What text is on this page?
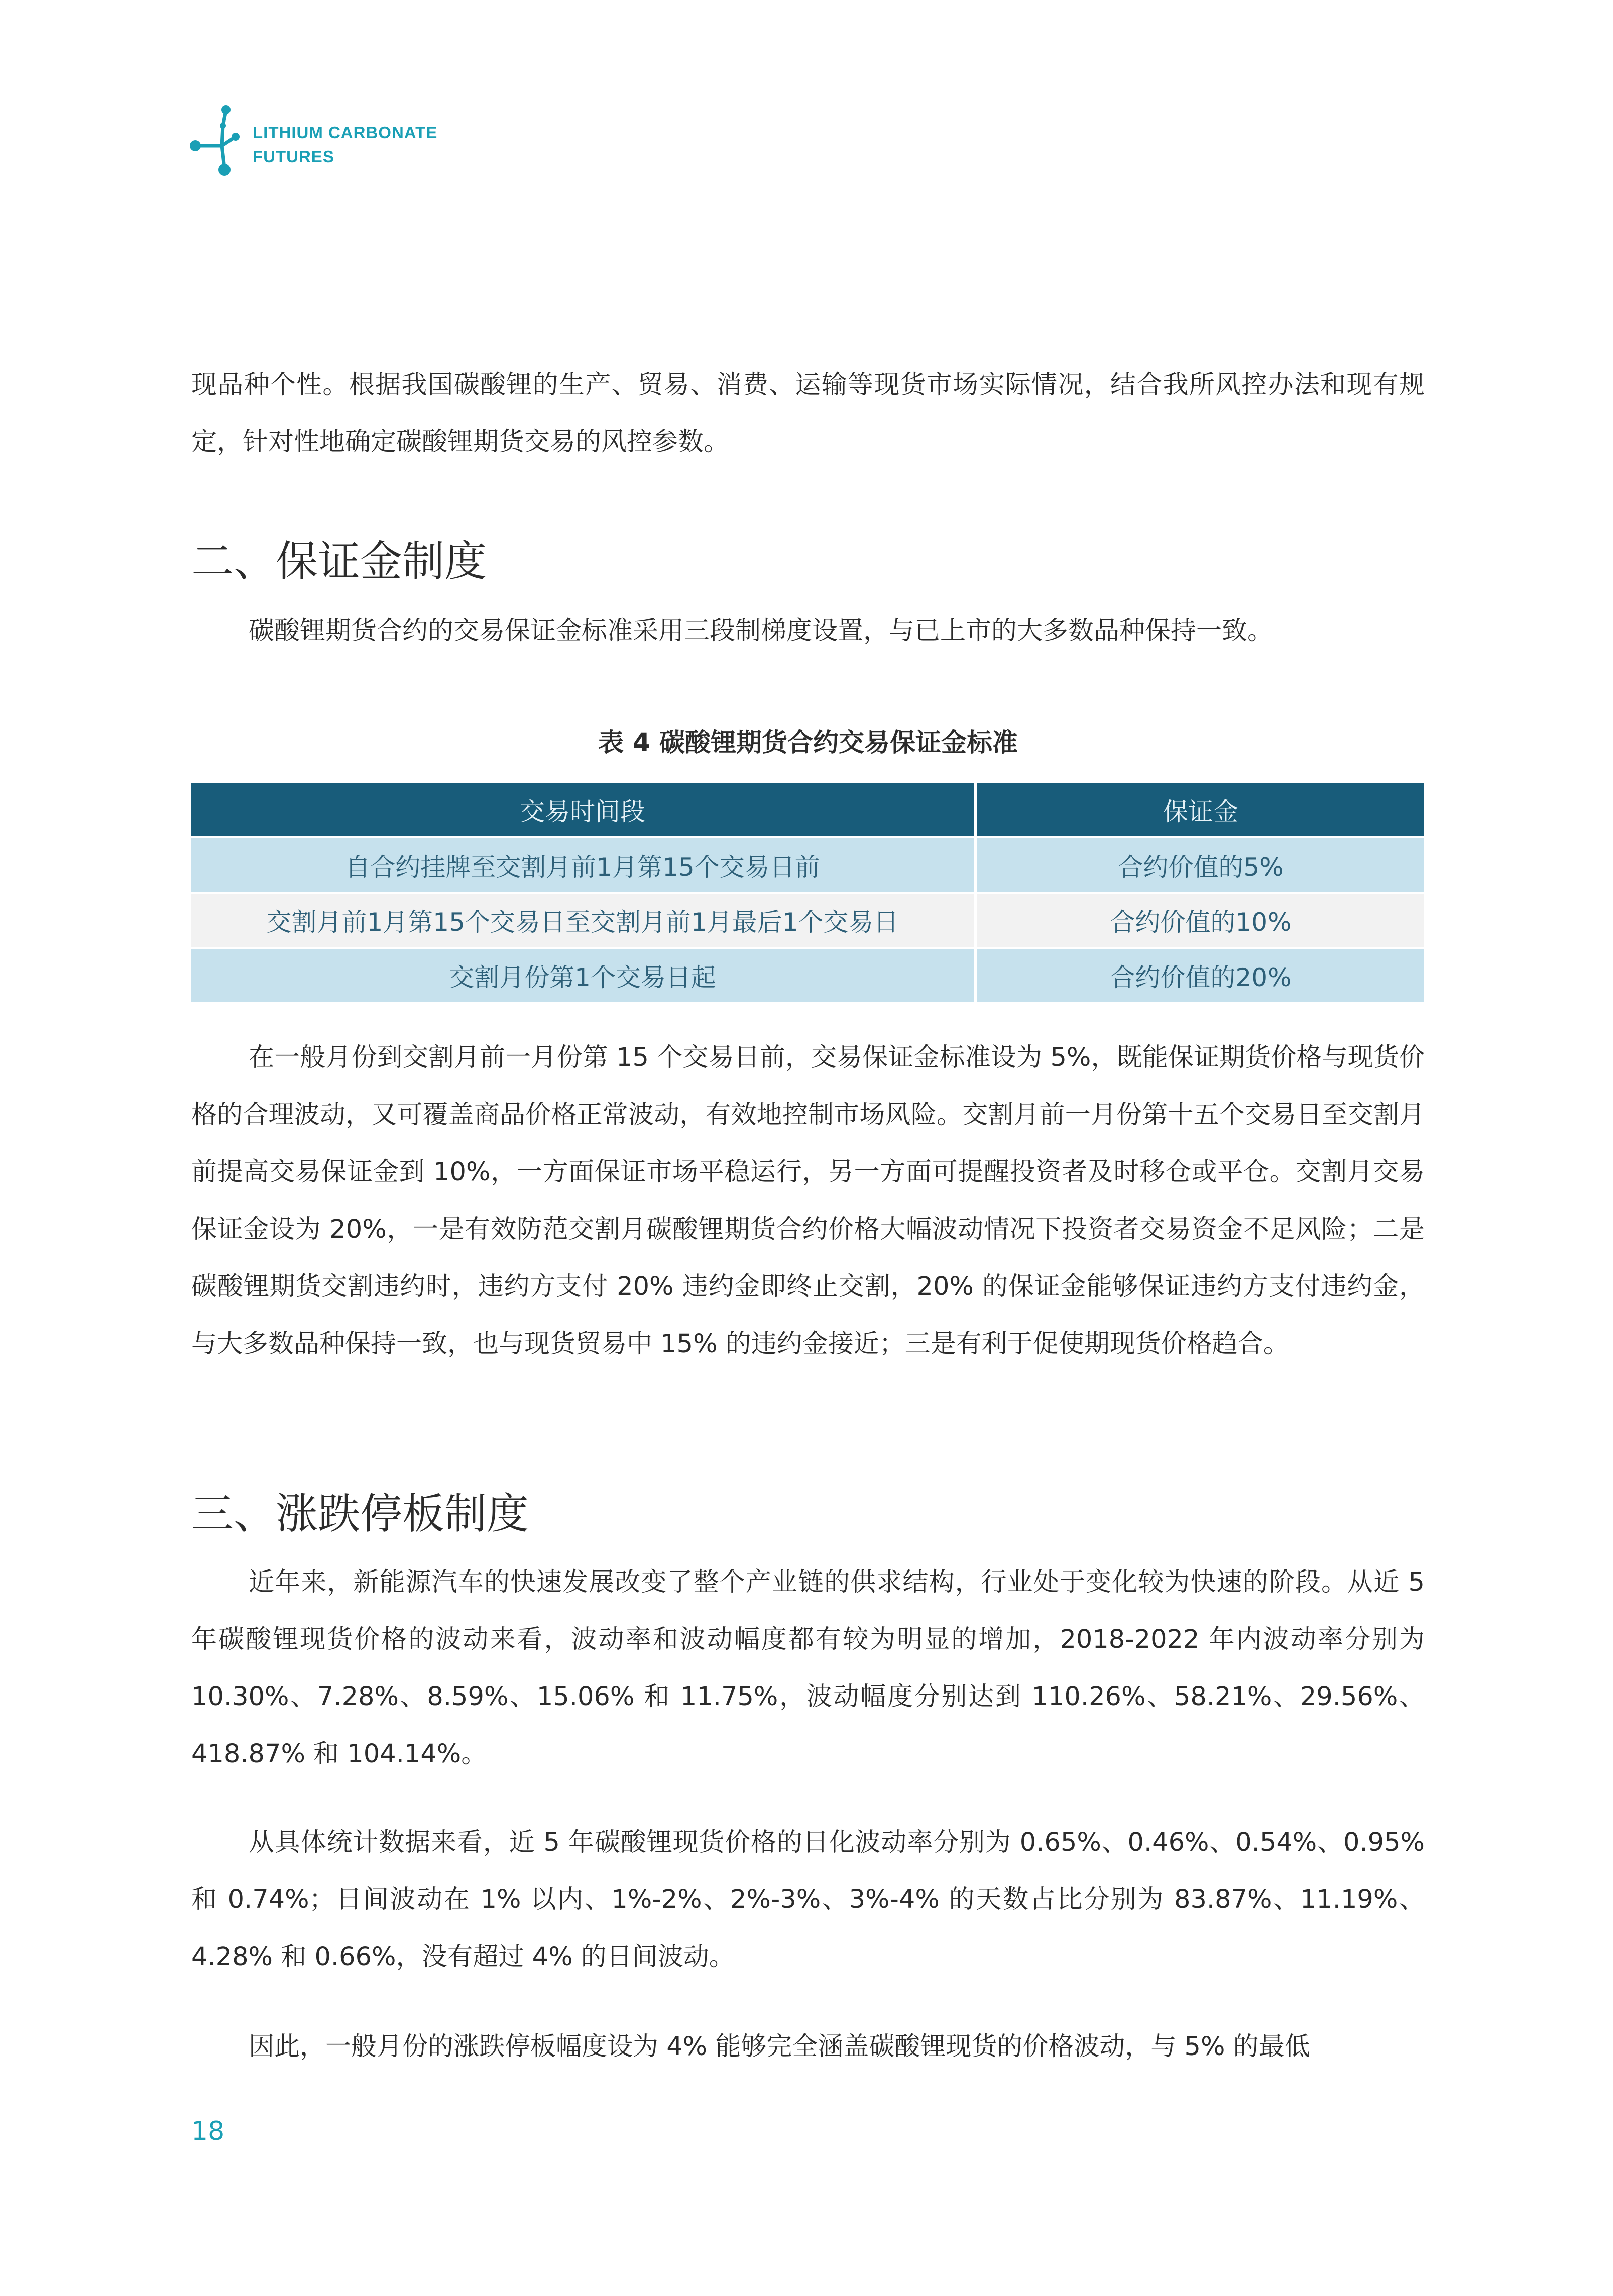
LITHIUM CARBONATE
FUTURES

现品种个性。根据我国碳酸锂的生产、贸易、消费、运输等现货市场实际情况，结合我所风控办法和现有规定，针对性地确定碳酸锂期货交易的风控参数。

二、保证金制度

碳酸锂期货合约的交易保证金标准采用三段制梯度设置，与已上市的大多数品种保持一致。

表 4 碳酸锂期货合约交易保证金标准

交易时间段	保证金
自合约挂牌至交割月前1月第15个交易日前	合约价值的5%
交割月前1月第15个交易日至交割月前1月最后1个交易日	合约价值的10%
交割月份第1个交易日起	合约价值的20%

在一般月份到交割月前一月份第 15 个交易日前，交易保证金标准设为 5%，既能保证期货价格与现货价格的合理波动，又可覆盖商品价格正常波动，有效地控制市场风险。交割月前一月份第十五个交易日至交割月前提高交易保证金到 10%，一方面保证市场平稳运行，另一方面可提醒投资者及时移仓或平仓。交割月交易保证金设为 20%，一是有效防范交割月碳酸锂期货合约价格大幅波动情况下投资者交易资金不足风险；二是碳酸锂期货交割违约时，违约方支付 20% 违约金即终止交割，20% 的保证金能够保证违约方支付违约金，与大多数品种保持一致，也与现货贸易中 15% 的违约金接近；三是有利于促使期现货价格趋合。

三、涨跌停板制度

近年来，新能源汽车的快速发展改变了整个产业链的供求结构，行业处于变化较为快速的阶段。从近 5 年碳酸锂现货价格的波动来看，波动率和波动幅度都有较为明显的增加，2018-2022 年内波动率分别为 10.30%、7.28%、8.59%、15.06% 和 11.75%，波动幅度分别达到 110.26%、58.21%、29.56%、418.87% 和 104.14%。

从具体统计数据来看，近 5 年碳酸锂现货价格的日化波动率分别为 0.65%、0.46%、0.54%、0.95% 和 0.74%；日间波动在 1% 以内、1%-2%、2%-3%、3%-4% 的天数占比分别为 83.87%、11.19%、4.28% 和 0.66%，没有超过 4% 的日间波动。

因此，一般月份的涨跌停板幅度设为 4% 能够完全涵盖碳酸锂现货的价格波动，与 5% 的最低

18
